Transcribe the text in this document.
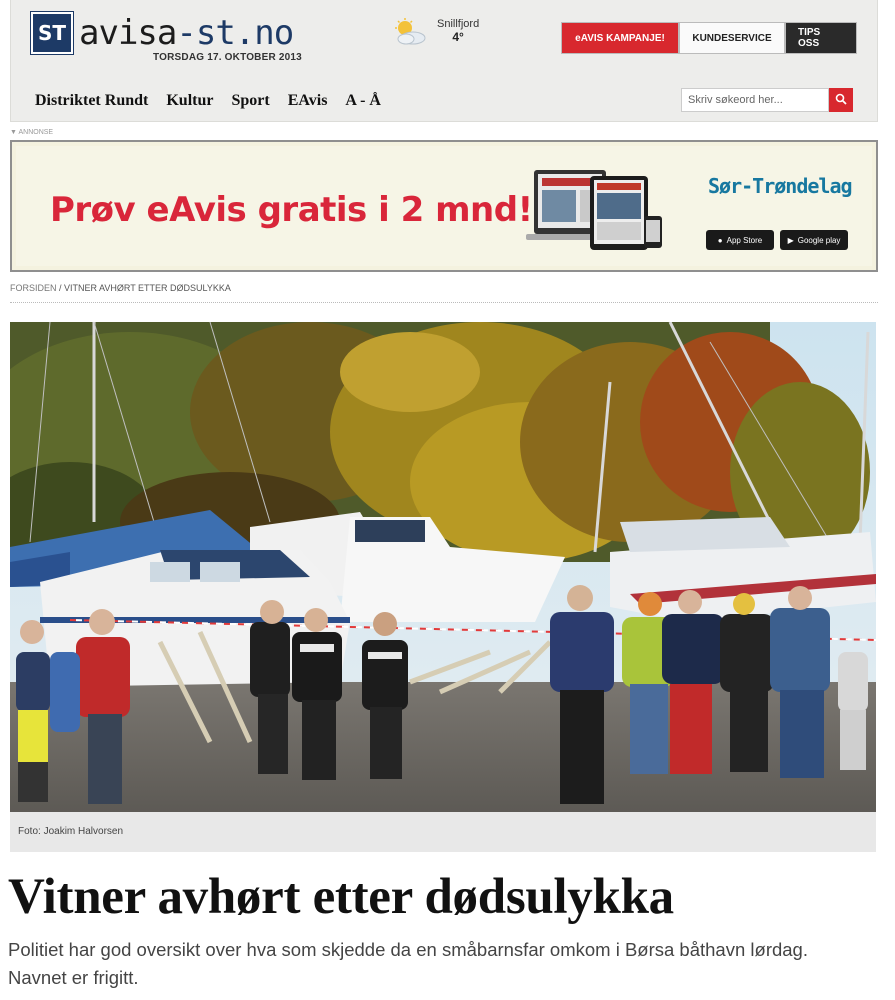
ST avisa-st.no
TORSDAG 17. OKTOBER 2013
Snillfjord
4°	eAVIS KAMPANJE!	KUNDESERVICE	TIPS OSS
Distriktet Rundt Kultur Sport EAvis A - Å
Skriv søkeord her...
▼ ANNONSE
Prøv eAvis gratis i 2 mnd!
Sør-Trøndelag
● App Store	▶ Google play
FORSIDEN / VITNER AVHØRT ETTER DØDSULYKKA
Foto: Joakim Halvorsen
Vitner avhørt etter dødsulykka

Politiet har god oversikt over hva som skjedde da en småbarnsfar omkom i Børsa båthavn lørdag. Navnet er frigitt.
